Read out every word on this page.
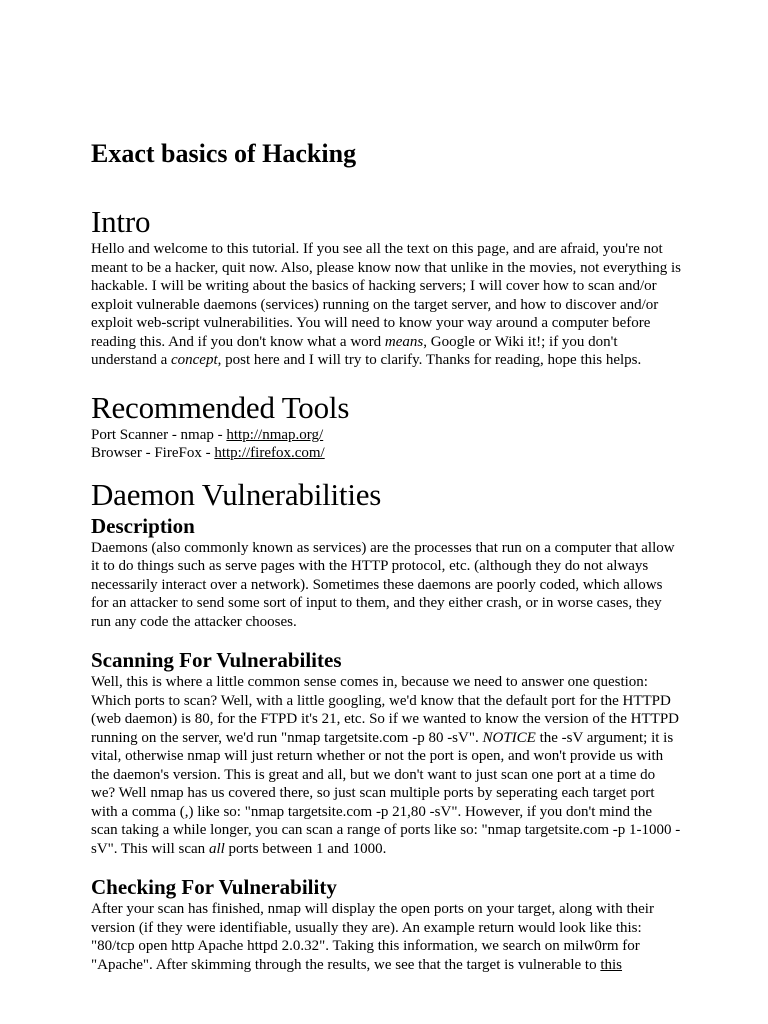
Exact basics of Hacking
Intro

Hello and welcome to this tutorial. If you see all the text on this page, and are afraid, you're not meant to be a hacker, quit now. Also, please know now that unlike in the movies, not everything is hackable. I will be writing about the basics of hacking servers; I will cover how to scan and/or exploit vulnerable daemons (services) running on the target server, and how to discover and/or exploit web-script vulnerabilities. You will need to know your way around a computer before reading this. And if you don't know what a word means, Google or Wiki it!; if you don't understand a concept, post here and I will try to clarify. Thanks for reading, hope this helps.

Recommended Tools

Port Scanner - nmap - http://nmap.org/

Browser - FireFox - http://firefox.com/

Daemon Vulnerabilities
Description

Daemons (also commonly known as services) are the processes that run on a computer that allow it to do things such as serve pages with the HTTP protocol, etc. (although they do not always necessarily interact over a network). Sometimes these daemons are poorly coded, which allows for an attacker to send some sort of input to them, and they either crash, or in worse cases, they run any code the attacker chooses.

Scanning For Vulnerabilites

Well, this is where a little common sense comes in, because we need to answer one question: Which ports to scan? Well, with a little googling, we'd know that the default port for the HTTPD (web daemon) is 80, for the FTPD it's 21, etc. So if we wanted to know the version of the HTTPD running on the server, we'd run "nmap targetsite.com -p 80 -sV". NOTICE the -sV argument; it is vital, otherwise nmap will just return whether or not the port is open, and won't provide us with the daemon's version. This is great and all, but we don't want to just scan one port at a time do we? Well nmap has us covered there, so just scan multiple ports by seperating each target port with a comma (,) like so: "nmap targetsite.com -p 21,80 -sV". However, if you don't mind the scan taking a while longer, you can scan a range of ports like so: "nmap targetsite.com -p 1-1000 -sV". This will scan all ports between 1 and 1000.

Checking For Vulnerability

After your scan has finished, nmap will display the open ports on your target, along with their version (if they were identifiable, usually they are). An example return would look like this: "80/tcp open http Apache httpd 2.0.32". Taking this information, we search on milw0rm for "Apache". After skimming through the results, we see that the target is vulnerable to this
